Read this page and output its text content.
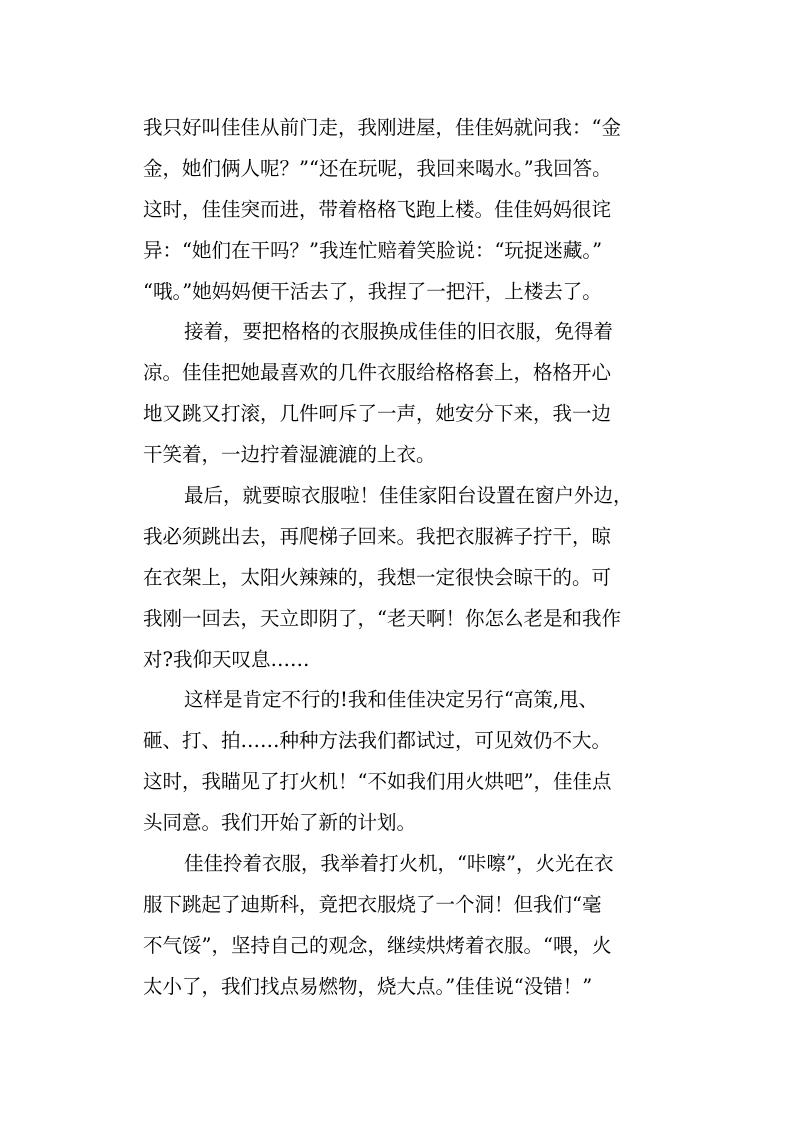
我只好叫佳佳从前门走，我刚进屋，佳佳妈就问我：“金
金，她们俩人呢？”“还在玩呢，我回来喝水。”我回答。
这时，佳佳突而进，带着格格飞跑上楼。佳佳妈妈很诧
异：“她们在干吗？”我连忙赔着笑脸说：“玩捉迷藏。”
“哦。”她妈妈便干活去了，我捏了一把汗，上楼去了。
接着，要把格格的衣服换成佳佳的旧衣服，免得着
凉。佳佳把她最喜欢的几件衣服给格格套上，格格开心
地又跳又打滚，几件呵斥了一声，她安分下来，我一边
干笑着，一边拧着湿漉漉的上衣。
最后，就要晾衣服啦！佳佳家阳台设置在窗户外边，
我必须跳出去，再爬梯子回来。我把衣服裤子拧干，晾
在衣架上，太阳火辣辣的，我想一定很快会晾干的。可
我刚一回去，天立即阴了，“老天啊！你怎么老是和我作
对?我仰天叹息……
这样是肯定不行的!我和佳佳决定另行“高策,甩、
砸、打、拍……种种方法我们都试过，可见效仍不大。
这时，我瞄见了打火机！“不如我们用火烘吧”，佳佳点
头同意。我们开始了新的计划。
佳佳拎着衣服，我举着打火机，“咔嚓”，火光在衣
服下跳起了迪斯科，竟把衣服烧了一个洞！但我们“毫
不气馁”，坚持自己的观念，继续烘烤着衣服。“喂，火
太小了，我们找点易燃物，烧大点。”佳佳说“没错！”
